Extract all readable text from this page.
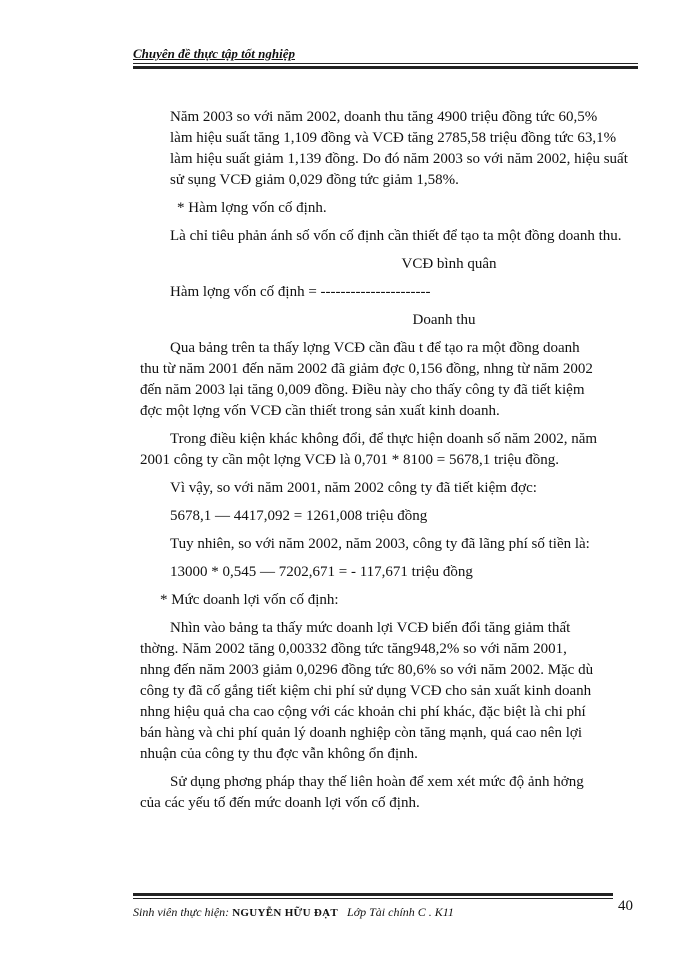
Chuyên đề thực tập tốt nghiệp

Năm 2003 so với năm 2002, doanh thu tăng 4900 triệu đồng tức 60,5%
làm hiệu suất tăng 1,109 đồng và VCĐ tăng 2785,58 triệu đồng tức 63,1%
làm hiệu suất giảm 1,139 đồng. Do đó năm 2003 so với năm 2002, hiệu suất
sử sụng VCĐ giảm 0,029 đồng tức giảm 1,58%.

* Hàm lợng vốn cố định.

Là chỉ tiêu phản ánh số vốn cố định cần thiết để tạo ta một đồng doanh thu.

VCĐ bình quân

Hàm lợng vốn cố định = ----------------------

Doanh thu

Qua bảng trên ta thấy lợng VCĐ cần đầu t để tạo ra một đồng doanh
thu từ năm 2001 đến năm 2002 đã giảm đợc 0,156 đồng, nhng từ năm 2002
đến năm 2003 lại tăng 0,009 đồng. Điều này cho thấy công ty đã tiết kiệm
đợc một lợng vốn VCĐ cần thiết trong sản xuất kinh doanh.

Trong điều kiện khác không đổi, để thực hiện doanh số năm 2002, năm
2001 công ty cần một lợng VCĐ là 0,701 * 8100 = 5678,1 triệu đồng.

Vì vậy, so với năm 2001, năm 2002 công ty đã tiết kiệm đợc:

5678,1 — 4417,092 = 1261,008 triệu đồng

Tuy nhiên, so với năm 2002, năm 2003, công ty đã lãng phí số tiền là:

13000 * 0,545 — 7202,671 = - 117,671 triệu đồng

* Mức doanh lợi vốn cố định:

Nhìn vào bảng ta thấy mức doanh lợi VCĐ biến đổi tăng giảm thất
thờng. Năm 2002 tăng 0,00332 đồng tức tăng948,2% so với năm 2001,
nhng đến năm 2003 giảm 0,0296 đồng tức 80,6% so với năm 2002. Mặc dù
công ty đã cố gắng tiết kiệm chi phí sử dụng VCĐ cho sản xuất kinh doanh
nhng hiệu quả cha cao cộng với các khoản chi phí khác, đặc biệt là chi phí
bán hàng và chi phí quản lý doanh nghiệp còn tăng mạnh, quá cao nên lợi
nhuận của công ty thu đợc vẫn không ổn định.

Sử dụng phơng pháp thay thế liên hoàn để xem xét mức độ ảnh hởng
của các yếu tố đến mức doanh lợi vốn cố định.

Sinh viên thực hiện: NGUYỄN HỮU ĐẠT Lớp Tài chính C . K11	40
